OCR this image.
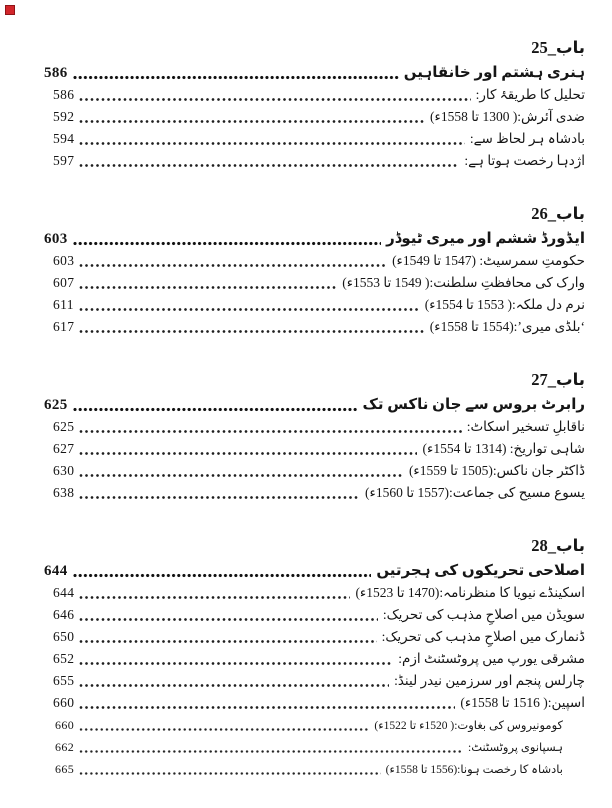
باب_25
586	ہنری ہشتم اور خانقاہیں
586	تحلیل کا طریقۂ کار:
592	ضدی آئرش:( 1300 تا 1558ء)
594	بادشاہ ہر لحاظ سے:
597	اژدہا رخصت ہوتا ہے:
باب_26
603	ایڈورڈ ششم اور میری ٹیوڈر
603	حکومتِ سمرسیٹ: (1547 تا 1549ء)
607	وارک کی محافظتِ سلطنت:( 1549 تا 1553ء)
611	نرم دل ملکہ:( 1553 تا 1554ء)
617	‘بلڈی میری’:(1554 تا 1558ء)
باب_27
625	رابرٹ بروس سے جان ناکس تک
625	ناقابلِ تسخیر اسکاٹ:
627	شاہی تواریخ: (1314 تا 1554ء)
630	ڈاکٹر جان ناکس:(1505 تا 1559ء)
638	یسوع مسیح کی جماعت:(1557 تا 1560ء)
باب_28
644	اصلاحی تحریکوں کی ہجرتیں
644	اسکینڈے نیویا کا منظرنامہ:(1470 تا 1523ء)
646	سویڈن میں اصلاحِ مذہب کی تحریک:
650	ڈنمارک میں اصلاحِ مذہب کی تحریک:
652	مشرقی یورپ میں پروٹسٹنٹ ازم:
655	چارلس پنجم اور سرزمین نیدر لینڈ:
660	اسپین:( 1516 تا 1558ء)
660	کومونیروس کی بغاوت:( 1520ء تا 1522ء)
662	ہسپانوی پروٹسٹنٹ:
665	بادشاہ کا رخصت ہونا:(1556 تا 1558ء)
